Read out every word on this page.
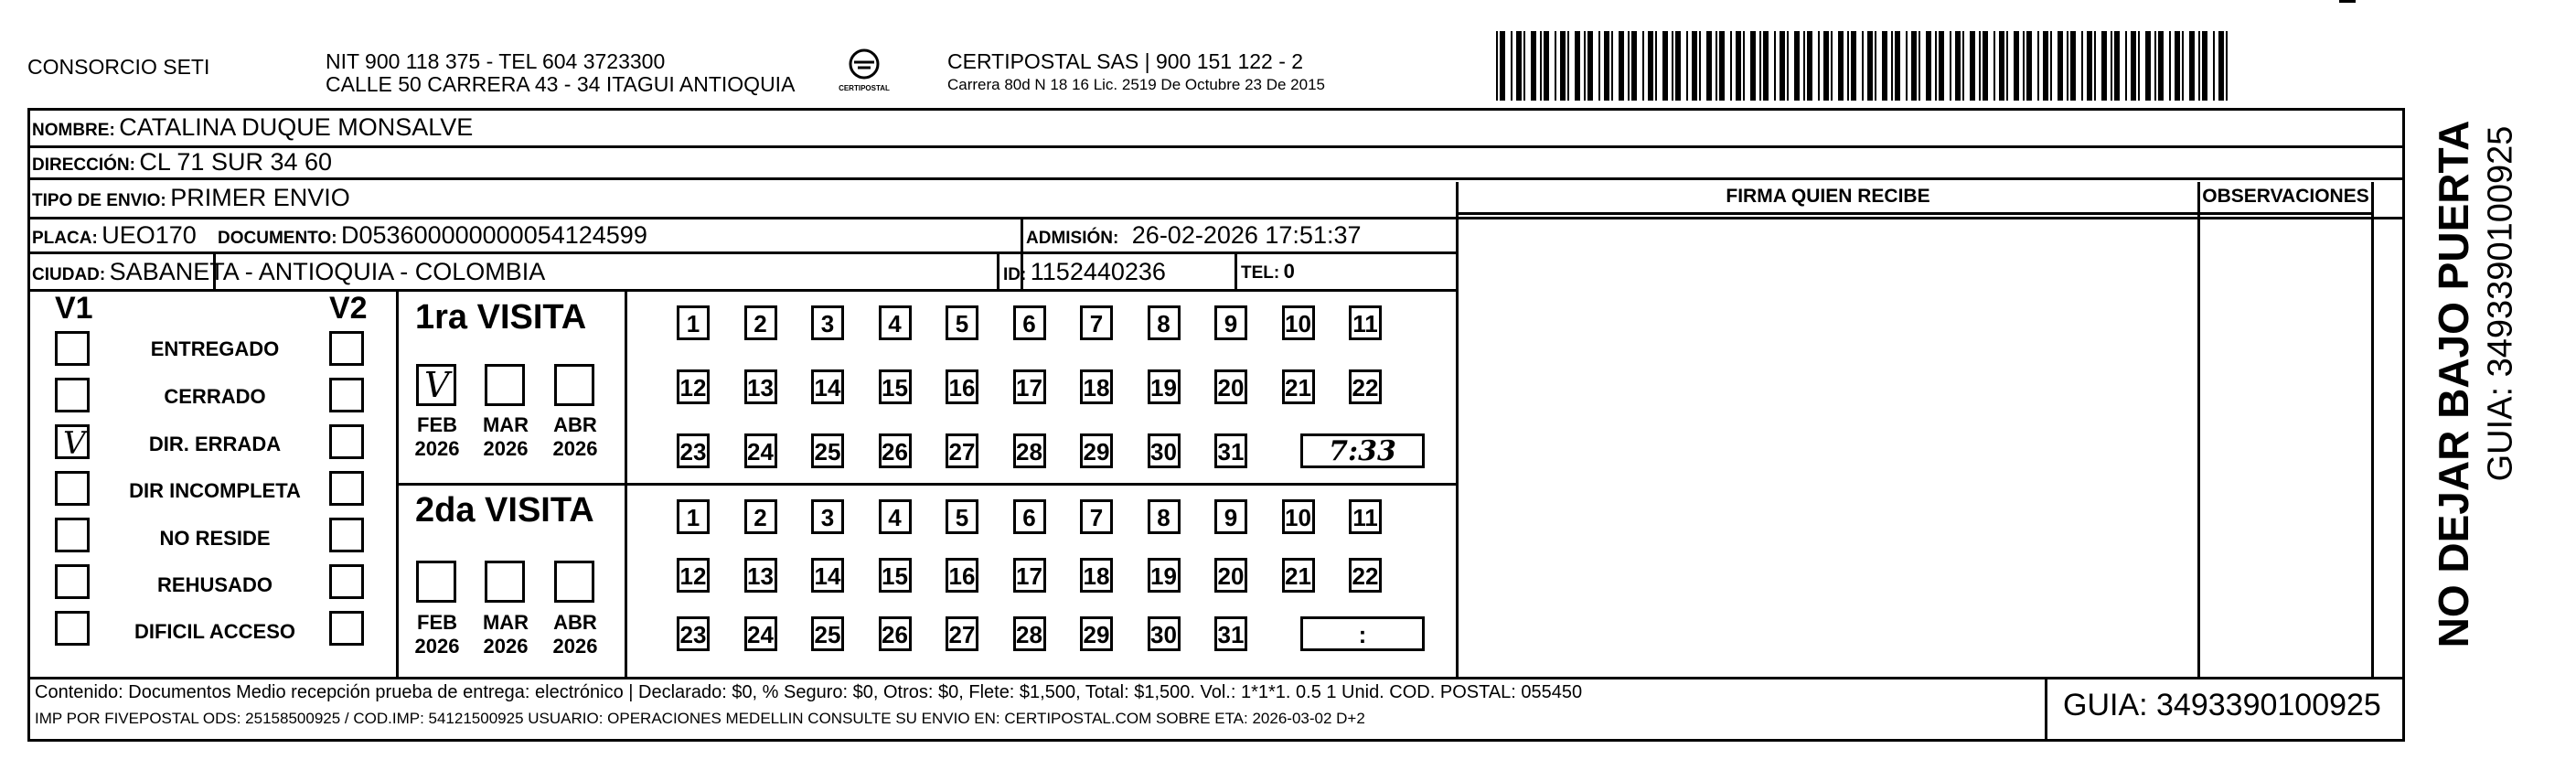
CONSORCIO SETI	NIT 900 118 375 - TEL 604 3723300
CALLE 50 CARRERA 43 - 34 ITAGUI ANTIOQUIA	CERTIPOSTAL
CERTIPOSTAL SAS | 900 151 122 - 2
Carrera 80d N 18 16 Lic. 2519 De Octubre 23 De 2015
NOMBRE: CATALINA DUQUE MONSALVE
DIRECCIÓN: CL 71 SUR 34 60
TIPO DE ENVIO: PRIMER ENVIO
PLACA: UEO170 DOCUMENTO: D053600000000054124599	ADMISIÓN: 26-02-2026 17:51:37
CIUDAD: SABANETA - ANTIOQUIA - COLOMBIA	ID: 1152440236	TEL: 0
FIRMA QUIEN RECIBE	OBSERVACIONES
V1	V2
ENTREGADO
CERRADO
V	DIR. ERRADA
DIR INCOMPLETA
NO RESIDE
REHUSADO
DIFICIL ACCESO
1ra VISITA
V
FEB
2026
MAR
2026
ABR
2026
1	2	3	4	5	6	7	8	9	10 11
12 13 14 15 16 17 18 19 20 21 22
23 24 25 26 27 28 29 30 31	7:33
2da VISITA
FEB
2026
MAR
2026
ABR
2026
1	2	3	4	5	6	7	8	9	10 11
12 13 14 15 16 17 18 19 20 21 22
23 24 25 26 27 28 29 30 31	:
Contenido: Documentos Medio recepción prueba de entrega: electrónico | Declarado: $0, % Seguro: $0, Otros: $0, Flete: $1,500, Total: $1,500. Vol.: 1*1*1. 0.5 1 Unid. COD. POSTAL: 055450
IMP POR FIVEPOSTAL ODS: 25158500925 / COD.IMP: 54121500925 USUARIO: OPERACIONES MEDELLIN CONSULTE SU ENVIO EN: CERTIPOSTAL.COM SOBRE ETA: 2026-03-02 D+2	GUIA: 3493390100925
NO DEJAR BAJO PUERTA GUIA: 3493390100925
